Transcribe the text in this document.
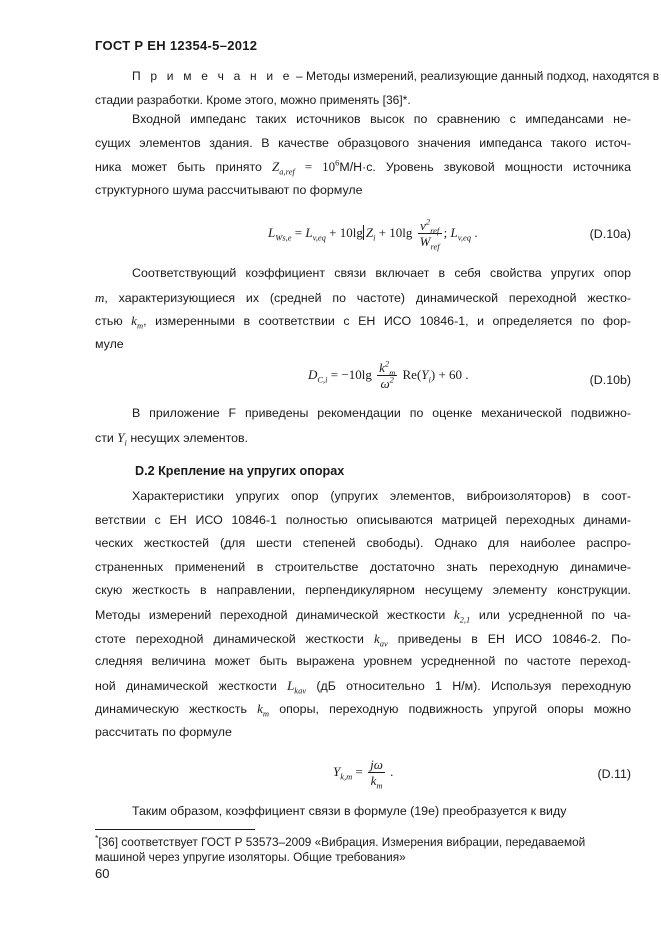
ГОСТ Р ЕН 12354-5–2012
П р и м е ч а н и е – Методы измерений, реализующие данный подход, находятся в
стадии разработки. Кроме этого, можно применять [36]*.
Входной импеданс таких источников высок по сравнению с импедансами не-
сущих элементов здания. В качестве образцового значения импеданса такого источ-
ника может быть принято $Z_{a,ref} = 10^6М/Н\cdot с$. Уровень звуковой мощности источника
структурного шума рассчитывают по формуле
$L_{Ws,e} = L_{v,eq} + 10\lg$ $Z_i + 10\lg \frac{v^2_{ref}}{W_{ref}}$ ; $L_{v,eq}$ .	(D.10a)
Соответствующий коэффициент связи включает в себя свойства упругих опор
m, характеризующиеся их (средней по частоте) динамической переходной жестко-
стью $k_m$, измеренными в соответствии с ЕН ИСО 10846-1, и определяется по фор-
муле
$D_{C,i} = -10\lg \frac{k^2_m}{\omega^2} Re(Y_i) + 60$ .	(D.10b)
В приложение F приведены рекомендации по оценке механической подвижно-
сти $Y_i$ несущих элементов.
D.2 Крепление на упругих опорах
Характеристики упругих опор (упругих элементов, виброизоляторов) в соот-
ветствии с ЕН ИСО 10846-1 полностью описываются матрицей переходных динами-
ческих жесткостей (для шести степеней свободы). Однако для наиболее распро-
страненных применений в строительстве достаточно знать переходную динамиче-
скую жесткость в направлении, перпендикулярном несущему элементу конструкции.
Методы измерений переходной динамической жесткости $k_{2,1}$ или усредненной по ча-
стоте переходной динамической жесткости $k_{av}$ приведены в ЕН ИСО 10846-2. По-
следняя величина может быть выражена уровнем усредненной по частоте переход-
ной динамической жесткости $L_{kav}$ (дБ относительно 1 Н/м). Используя переходную
динамическую жесткость $k_m$ опоры, переходную подвижность упругой опоры можно
рассчитать по формуле
$Y_{k,m} = \frac{j\omega}{k_m}$ .	(D.11)
Таким образом, коэффициент связи в формуле (19е) преобразуется к виду
*[36] соответствует ГОСТ Р 53573–2009 «Вибрация. Измерения вибрации, передаваемой
машиной через упругие изоляторы. Общие требования»
60
